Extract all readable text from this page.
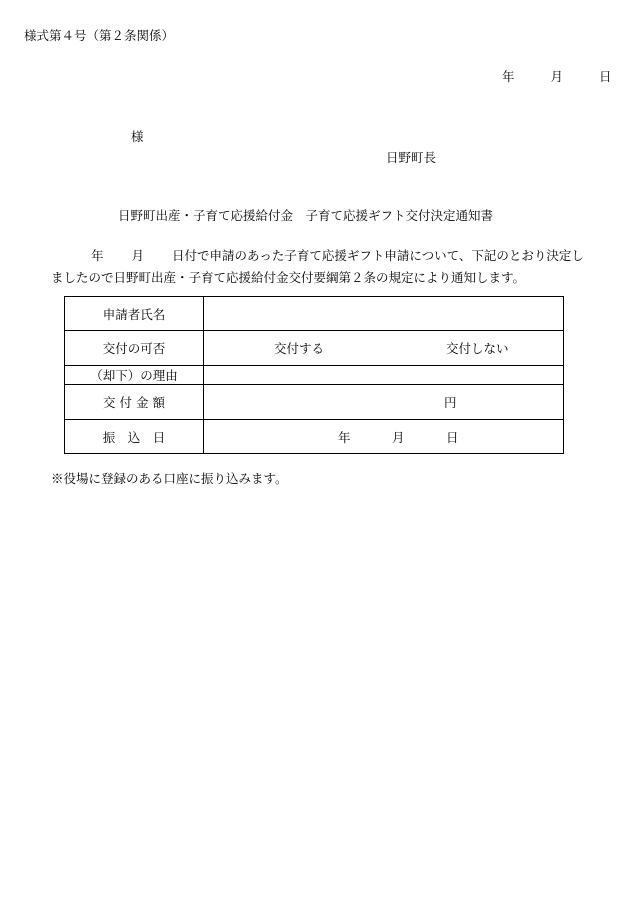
様式第４号（第２条関係）
年	月	日
様
日野町長
日野町出産・子育て応援給付金　子育て応援ギフト交付決定通知書
年 月 日付で申請のあった子育て応援ギフト申請について、下記のとおり決定し
ましたので日野町出産・子育て応援給付金交付要綱第２条の規定により通知します。
申請者氏名	
交付の可否	交付する 交付しない

（却下）の理由	
交 付 金 額	円

振　込　日	年 月 日
※役場に登録のある口座に振り込みます。
